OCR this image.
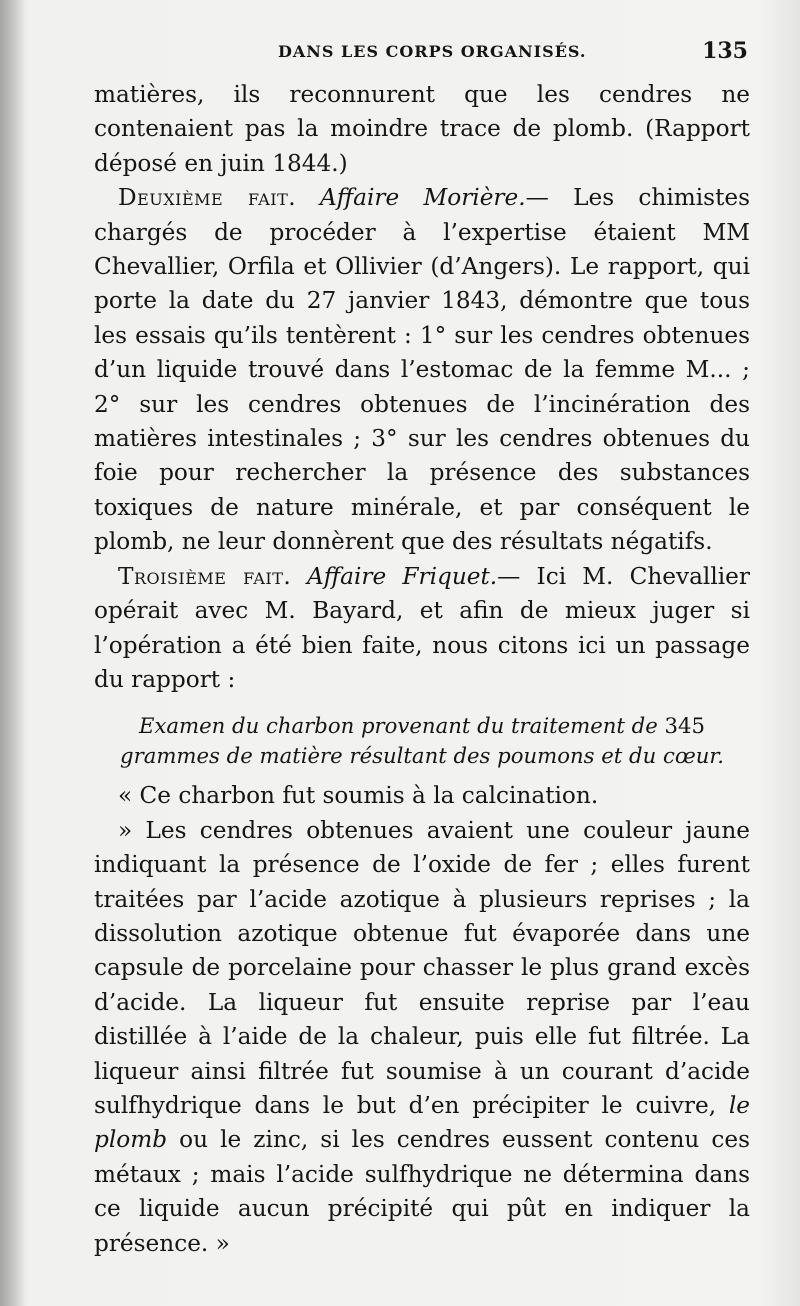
DANS LES CORPS ORGANISÉS.	135

matières, ils reconnurent que les cendres ne contenaient pas la moindre trace de plomb. (Rapport déposé en juin 1844.)

Deuxième fait. Affaire Morière.— Les chimistes chargés de procéder à l’expertise étaient MM Chevallier, Orfila et Ollivier (d’Angers). Le rapport, qui porte la date du 27 janvier 1843, démontre que tous les essais qu’ils tentèrent : 1° sur les cendres obtenues d’un liquide trouvé dans l’estomac de la femme M... ; 2° sur les cendres obtenues de l’incinération des matières intestinales ; 3° sur les cendres obtenues du foie pour rechercher la présence des substances toxiques de nature minérale, et par conséquent le plomb, ne leur donnèrent que des résultats négatifs.

Troisième fait. Affaire Friquet.— Ici M. Chevallier opérait avec M. Bayard, et afin de mieux juger si l’opération a été bien faite, nous citons ici un passage du rapport :

Examen du charbon provenant du traitement de 345 grammes de matière résultant des poumons et du cœur.

« Ce charbon fut soumis à la calcination.

» Les cendres obtenues avaient une couleur jaune indiquant la présence de l’oxide de fer ; elles furent traitées par l’acide azotique à plusieurs reprises ; la dissolution azotique obtenue fut évaporée dans une capsule de porcelaine pour chasser le plus grand excès d’acide. La liqueur fut ensuite reprise par l’eau distillée à l’aide de la chaleur, puis elle fut filtrée. La liqueur ainsi filtrée fut soumise à un courant d’acide sulfhydrique dans le but d’en précipiter le cuivre, le plomb ou le zinc, si les cendres eussent contenu ces métaux ; mais l’acide sulfhydrique ne détermina dans ce liquide aucun précipité qui pût en indiquer la présence. »
